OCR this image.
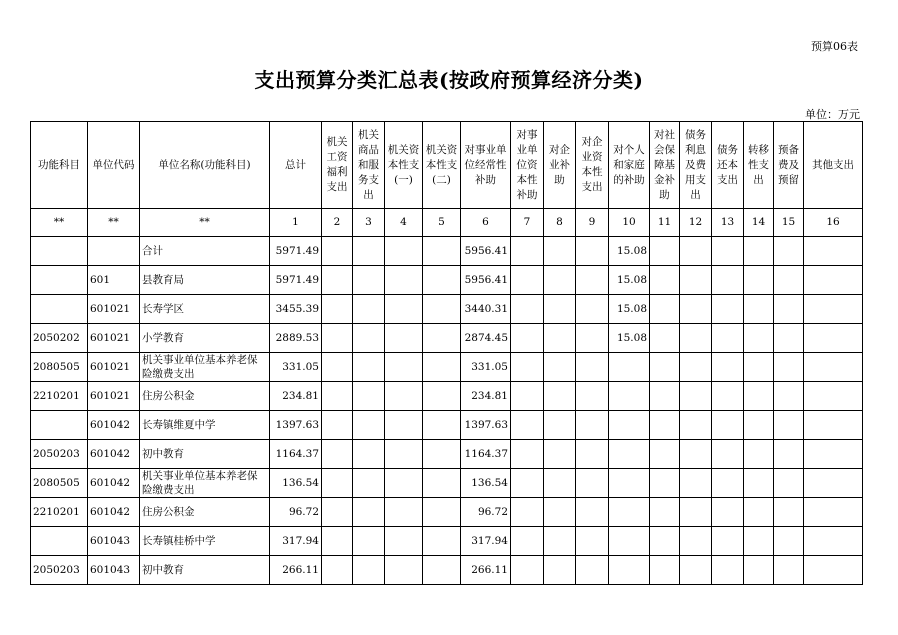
预算06表
支出预算分类汇总表(按政府预算经济分类)
单位：万元
功能科目	单位代码	单位名称(功能科目)	总计	机关工资福利支出	机关商品和服务支出	机关资本性支(一)	机关资本性支(二)	对事业单位经常性补助	对事业单位资本性补助	对企业补助	对企业资本性支出	对个人和家庭的补助	对社会保障基金补助	债务利息及费用支出	债务还本支出	转移性支出	预备费及预留	其他支出
**	**	**	1	2	3	4	5	6	7	8	9	10	11	12	13	14	15	16
		合计	5971.49					5956.41				15.08						
	601	县教育局	5971.49					5956.41				15.08						
	601021	长寿学区	3455.39					3440.31				15.08						
2050202	601021	小学教育	2889.53					2874.45				15.08						
2080505	601021	机关事业单位基本养老保险缴费支出	331.05					331.05										
2210201	601021	住房公积金	234.81					234.81										
	601042	长寿镇维夏中学	1397.63					1397.63										
2050203	601042	初中教育	1164.37					1164.37										
2080505	601042	机关事业单位基本养老保险缴费支出	136.54					136.54										
2210201	601042	住房公积金	96.72					96.72										
	601043	长寿镇桂桥中学	317.94					317.94										
2050203	601043	初中教育	266.11					266.11										
